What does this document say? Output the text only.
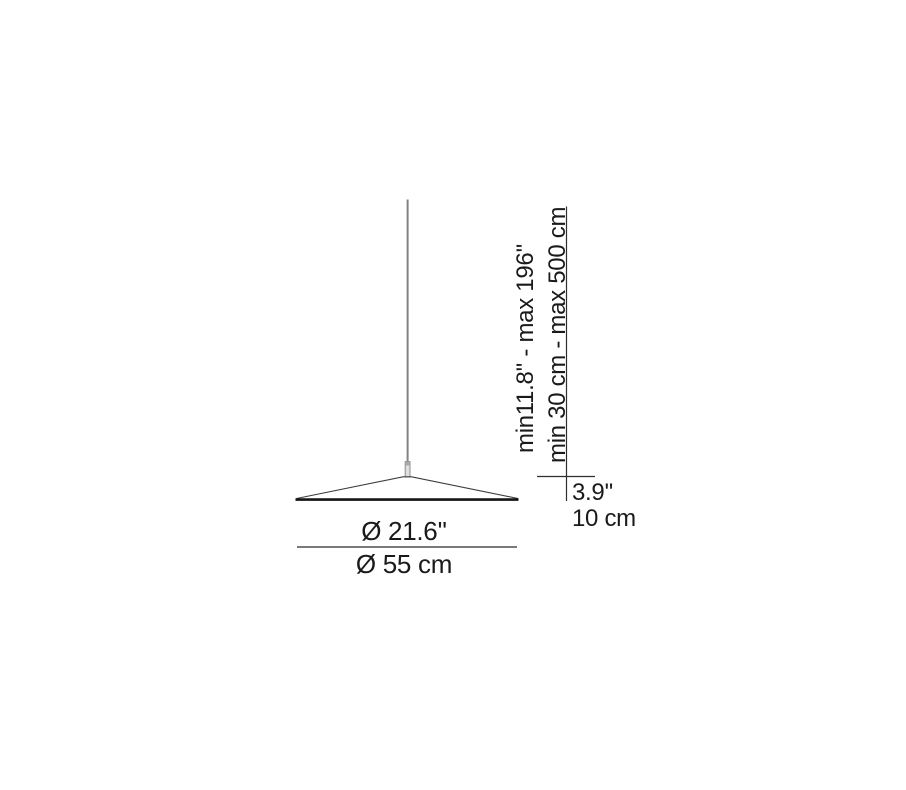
min11.8'' - max 196'' min 30 cm - max 500 cm
3.9''
10 cm
Ø 21.6''
Ø 55 cm
